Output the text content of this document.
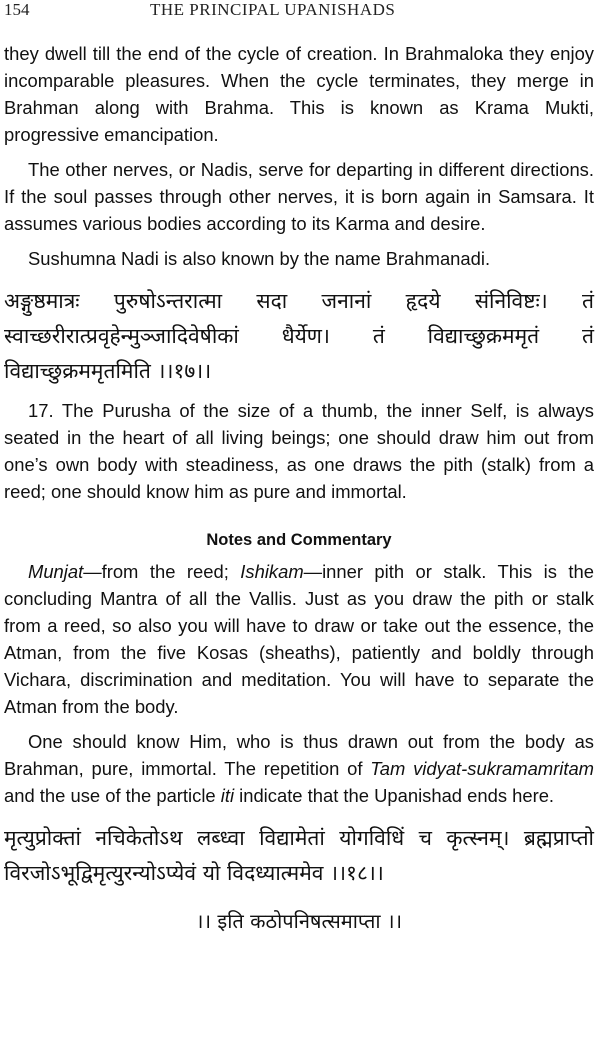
154	THE PRINCIPAL UPANISHADS

they dwell till the end of the cycle of creation. In Brahmaloka they enjoy incomparable pleasures. When the cycle terminates, they merge in Brahman along with Brahma. This is known as Krama Mukti, progressive emancipation.

The other nerves, or Nadis, serve for departing in different directions. If the soul passes through other nerves, it is born again in Samsara. It assumes various bodies according to its Karma and desire.

Sushumna Nadi is also known by the name Brahmanadi.

अङ्गुष्ठमात्रः पुरुषोऽन्तरात्मा सदा जनानां हृदये संनिविष्टः। तं स्वाच्छरीरात्प्रवृहेन्मुञ्जादिवेषीकां धैर्येण। तं विद्याच्छुक्रममृतं तं विद्याच्छुक्रममृतमिति ।।१७।।

17. The Purusha of the size of a thumb, the inner Self, is always seated in the heart of all living beings; one should draw him out from one’s own body with steadiness, as one draws the pith (stalk) from a reed; one should know him as pure and immortal.

Notes and Commentary

Munjat—from the reed; Ishikam—inner pith or stalk. This is the concluding Mantra of all the Vallis. Just as you draw the pith or stalk from a reed, so also you will have to draw or take out the essence, the Atman, from the five Kosas (sheaths), patiently and boldly through Vichara, discrimination and meditation. You will have to separate the Atman from the body.

One should know Him, who is thus drawn out from the body as Brahman, pure, immortal. The repetition of Tam vidyat-sukramamritam and the use of the particle iti indicate that the Upanishad ends here.

मृत्युप्रोक्तां नचिकेतोऽथ लब्ध्वा विद्यामेतां योगविधिं च कृत्स्नम्। ब्रह्मप्राप्तो विरजोऽभूद्विमृत्युरन्योऽप्येवं यो विदध्यात्ममेव ।।१८।।
।। इति कठोपनिषत्समाप्ता ।।
